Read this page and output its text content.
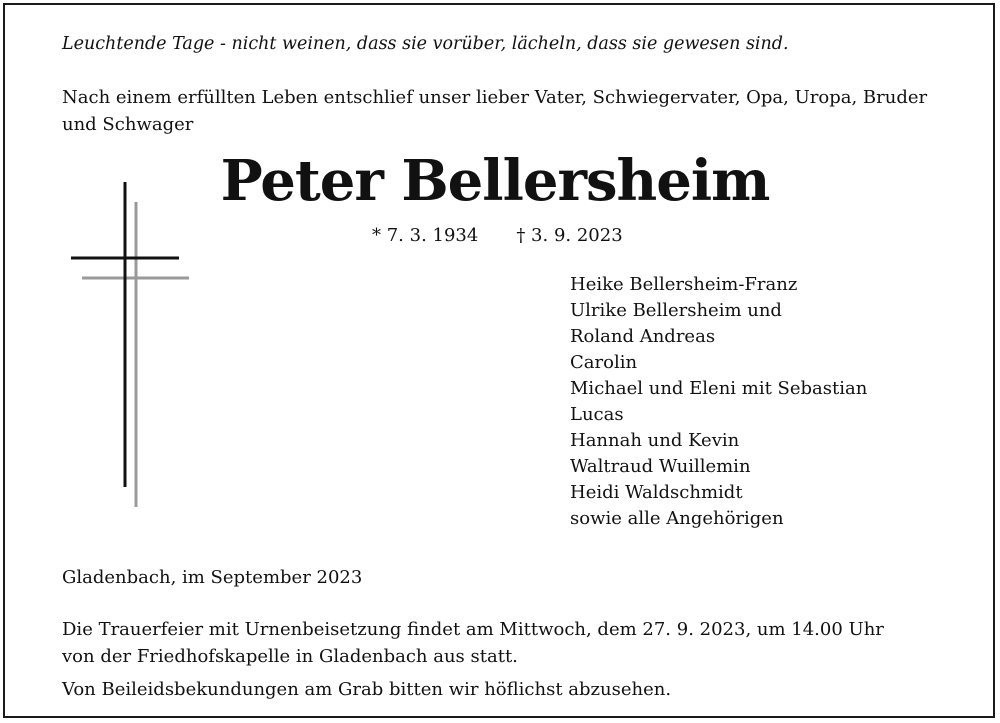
Leuchtende Tage - nicht weinen, dass sie vorüber, lächeln, dass sie gewesen sind.
Nach einem erfüllten Leben entschlief unser lieber Vater, Schwiegervater, Opa, Uropa, Bruder und Schwager
Peter Bellersheim
* 7. 3. 1934 † 3. 9. 2023
Heike Bellersheim-Franz
Ulrike Bellersheim und
Roland Andreas
Carolin
Michael und Eleni mit Sebastian
Lucas
Hannah und Kevin
Waltraud Wuillemin
Heidi Waldschmidt
sowie alle Angehörigen
Gladenbach, im September 2023
Die Trauerfeier mit Urnenbeisetzung findet am Mittwoch, dem 27. 9. 2023, um 14.00 Uhr
von der Friedhofskapelle in Gladenbach aus statt.
Von Beileidsbekundungen am Grab bitten wir höflichst abzusehen.
